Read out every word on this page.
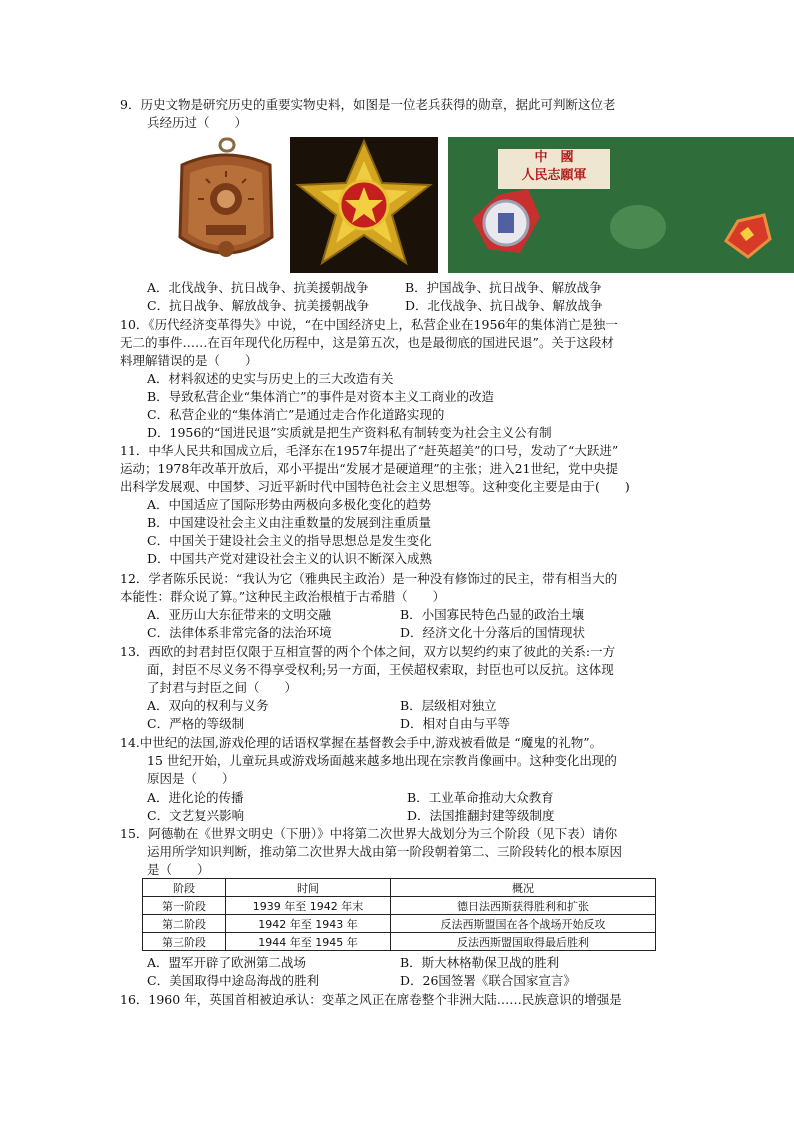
9．历史文物是研究历史的重要实物史料，如图是一位老兵获得的勋章，据此可判断这位老
兵经历过（　　）
中　國
人民志願軍
A．北伐战争、抗日战争、抗美援朝战争	B．护国战争、抗日战争、解放战争
C．抗日战争、解放战争、抗美援朝战争	D．北伐战争、抗日战争、解放战争
10．《历代经济变革得失》中说，“在中国经济史上，私营企业在1956年的集体消亡是独一
无二的事件……在百年现代化历程中，这是第五次，也是最彻底的国进民退”。关于这段材
料理解错误的是（　　）
A．材料叙述的史实与历史上的三大改造有关
B．导致私营企业“集体消亡”的事件是对资本主义工商业的改造
C．私营企业的“集体消亡”是通过走合作化道路实现的
D．1956的“国进民退”实质就是把生产资料私有制转变为社会主义公有制
11．中华人民共和国成立后，毛泽东在1957年提出了“赶英超美”的口号，发动了“大跃进”
运动；1978年改革开放后，邓小平提出“发展才是硬道理”的主张；进入21世纪，党中央提
出科学发展观、中国梦、习近平新时代中国特色社会主义思想等。这种变化主要是由于(　　)
A．中国适应了国际形势由两极向多极化变化的趋势
B．中国建设社会主义由注重数量的发展到注重质量
C．中国关于建设社会主义的指导思想总是发生变化
D．中国共产党对建设社会主义的认识不断深入成熟
12．学者陈乐民说：“我认为它（雅典民主政治）是一种没有修饰过的民主，带有相当大的
本能性：群众说了算。”这种民主政治根植于古希腊（　　）
A．亚历山大东征带来的文明交融	B．小国寡民特色凸显的政治土壤
C．法律体系非常完备的法治环境	D．经济文化十分落后的国情现状
13．西欧的封君封臣仅限于互相宣誓的两个个体之间，双方以契约约束了彼此的关系:一方
面，封臣不尽义务不得享受权利;另一方面，王侯超权索取，封臣也可以反抗。这体现
了封君与封臣之间（　　）
A．双向的权利与义务	B．层级相对独立
C．严格的等级制	D．相对自由与平等
14.中世纪的法国,游戏伦理的话语权掌握在基督教会手中,游戏被看做是 “魔鬼的礼物”。
15 世纪开始，儿童玩具或游戏场面越来越多地出现在宗教肖像画中。这种变化出现的
原因是（　　）
A．进化论的传播	B．工业革命推动大众教育
C．文艺复兴影响	D．法国推翻封建等级制度
15．阿德勒在《世界文明史（下册）》中将第二次世界大战划分为三个阶段（见下表）请你
运用所学知识判断，推动第二次世界大战由第一阶段朝着第二、三阶段转化的根本原因
是（　　）
阶段	时间	概况
第一阶段	1939 年至 1942 年末	德日法西斯获得胜利和扩张
第二阶段	1942 年至 1943 年	反法西斯盟国在各个战场开始反攻
第三阶段	1944 年至 1945 年	反法西斯盟国取得最后胜利
A．盟军开辟了欧洲第二战场	B．斯大林格勒保卫战的胜利
C．美国取得中途岛海战的胜利	D．26国签署《联合国家宣言》
16．1960 年，英国首相被迫承认：变革之风正在席卷整个非洲大陆……民族意识的增强是
